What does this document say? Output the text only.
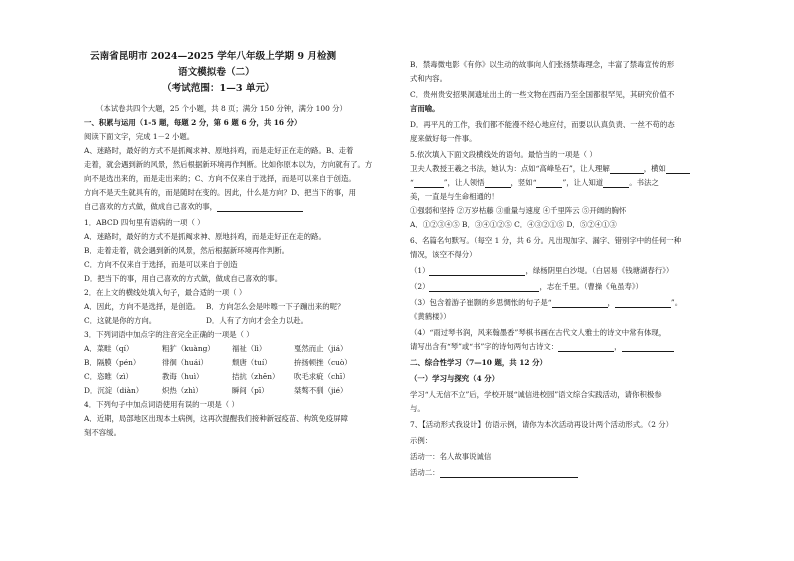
云南省昆明市 2024—2025 学年八年级上学期 9 月检测
语文模拟卷（二）
（考试范围：1—3 单元）
（本试卷共四个大题，25 个小题，共 8 页；满分 150 分钟，满分 100 分）
一、积累与运用（1-5 题，每题 2 分，第 6 题 6 分，共 16 分）
阅读下面文字，完成 1－2 小题。
A、迷路时，最好的方式不是抓阄求神、原地抖鸡，而是走好正在走的路。B、走着
走着，就会遇到新的风景，然后根据新环境再作判断。比如你原本以为，方向就有了。方
向不是选出来的，而是走出来的；C、方向不仅来自于选择，而是可以来自于创造。
方向不是天生就具有的，而是随时在变的。因此，什么是方向？D、把当下的事，用
自己喜欢的方式做，做成自己喜欢的事，
1．ABCD 四句里有语病的一项（ ）
A．迷路时，最好的方式不是抓阄求神、原地抖鸡，而是走好正在走的路。
B．走着走着，就会遇到新的风景，然后根据新环境再作判断。
C．方向不仅来自于选择，而是可以来自于创造
D．把当下的事，用自己喜欢的方式做，做成自己喜欢的事。
2．在上文的横线处填入句子，最合适的一项（ ）
A．因此，方向不是选择，是创造。 B．方向怎么会是咔嚓一下子蹦出来的呢？
C．这就是你的方向。	D．人有了方向才会全力以赴。
3．下列词语中加点字的注音完全正确的一项是（ ）
A．菜畦（qí）	粗犷（kuàng） 福祉（lì）	戛然而止（jiá）
B．隔膜（pén）	徘徊（huái）	颓唐（tuí）	拚扬顿挫（cuò）
C．恣睢（zì）	教诲（huì）	拮抗（zhēn） 吹毛求疵（chī）
D．沉淀（diàn）	炽热（zhì）	瞬间（pī）	桀骜不驯（jié）
4．下列句子中加点词语使用有误的一项是（ ）
A．近期，局部地区出现本土病例，这再次提醒我们接种新冠疫苗、构筑免疫屏障
刻不容缓。
B．禁毒微电影《有你》以生动的故事向人们张扬禁毒理念，丰富了禁毒宣传的形
式和内容。
C．贵州贵安招果洞遗址出土的一些文物在西南乃至全国都很罕见，其研究价值不
言而喻。
D．再平凡的工作，我们都不能漫不经心地应付，而要以认真负责、一丝不苟的态
度来做好每一件事。
5.依次填入下面文段横线处的语句。最恰当的一项是（ ）
卫夫人教授王羲之书法，她认为：点如“高峰坠石”，让人理解	，横如
“	”，让人领悟	，竖如“	”，让人知道	。书法之
美，一直是与生命相通的！
①强弱和坚持 ②万岁枯藤 ③重量与速度 ④千里阵云 ⑤开阔的胸怀
A．①②③④⑤ B．③④①②⑤ C．④③②①⑤ D．⑤②④①③
6、名篇名句默写。（每空 1 分，共 6 分。凡出现加字、漏字、错别字中的任何一种
情况，该空不得分）
（1）	，绿杨阴里白沙堤。（白居易《钱塘湖春行》）
（2）	，志在千里。（曹操《龟虽寿》）
（3）包含着游子崔颢的乡思惆怅的句子是“	，	”。
《黄鹤楼》）
（4）“雨过琴书润，风来翰墨香”琴棋书画在古代文人雅士的诗文中常有体现，
请写出含有“琴”或“书”字的诗句两句古诗文：	，
二、综合性学习（7—10 题，共 12 分）
（一）学习与探究（4 分）
学习“人无信不立”后，学校开展“诚信进校园”语文综合实践活动，请你积极参
与。
7、【活动形式我设计】仿语示例，请你为本次活动再设计两个活动形式。（2 分）
示例：
活动一：名人故事说诚信
活动二：
